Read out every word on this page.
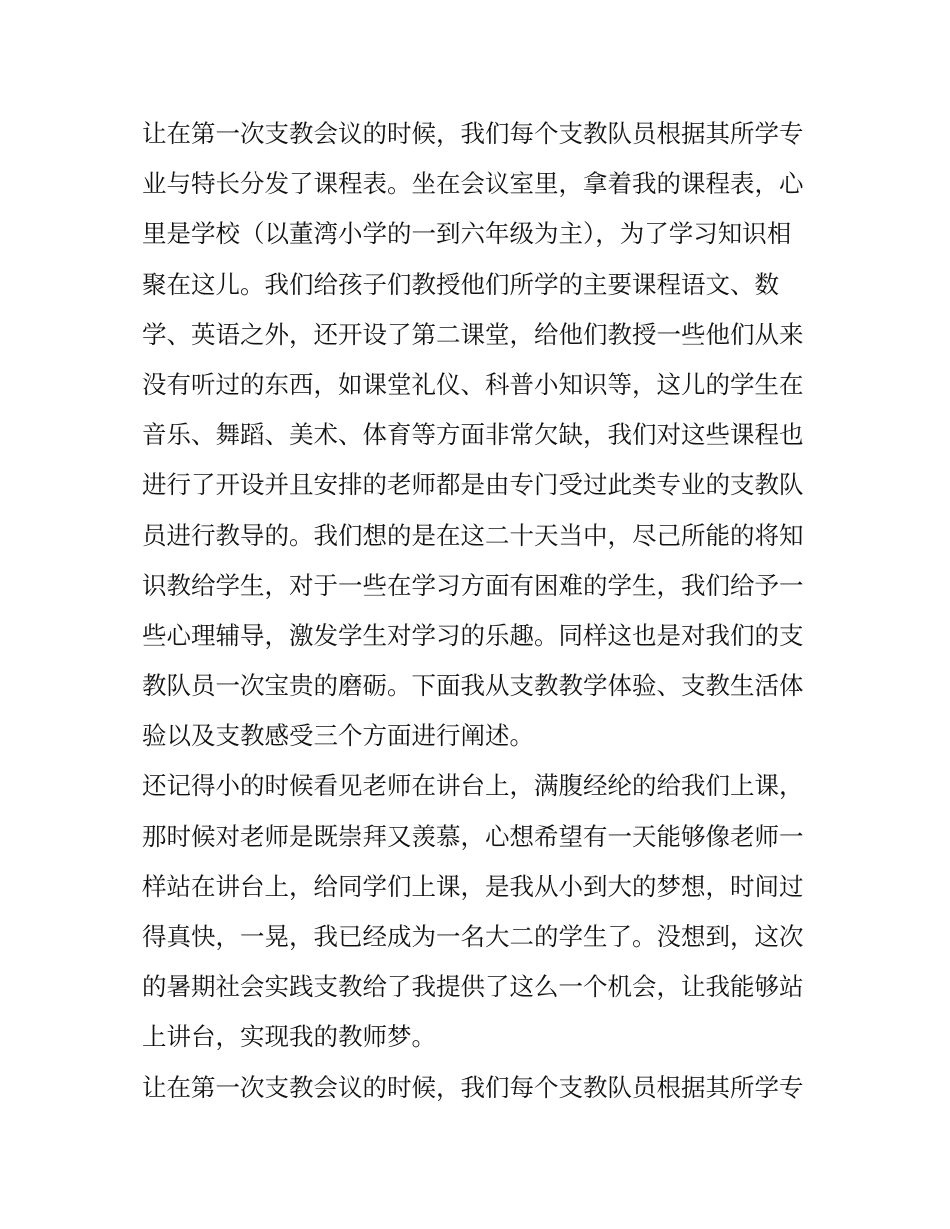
让在第一次支教会议的时候，我们每个支教队员根据其所学专
业与特长分发了课程表。坐在会议室里，拿着我的课程表，心
里是学校（以董湾小学的一到六年级为主），为了学习知识相
聚在这儿。我们给孩子们教授他们所学的主要课程语文、数
学、英语之外，还开设了第二课堂，给他们教授一些他们从来
没有听过的东西，如课堂礼仪、科普小知识等，这儿的学生在
音乐、舞蹈、美术、体育等方面非常欠缺，我们对这些课程也
进行了开设并且安排的老师都是由专门受过此类专业的支教队
员进行教导的。我们想的是在这二十天当中，尽己所能的将知
识教给学生，对于一些在学习方面有困难的学生，我们给予一
些心理辅导，激发学生对学习的乐趣。同样这也是对我们的支
教队员一次宝贵的磨砺。下面我从支教教学体验、支教生活体
验以及支教感受三个方面进行阐述。
还记得小的时候看见老师在讲台上，满腹经纶的给我们上课，
那时候对老师是既崇拜又羡慕，心想希望有一天能够像老师一
样站在讲台上，给同学们上课，是我从小到大的梦想，时间过
得真快，一晃，我已经成为一名大二的学生了。没想到，这次
的暑期社会实践支教给了我提供了这么一个机会，让我能够站
上讲台，实现我的教师梦。
让在第一次支教会议的时候，我们每个支教队员根据其所学专
